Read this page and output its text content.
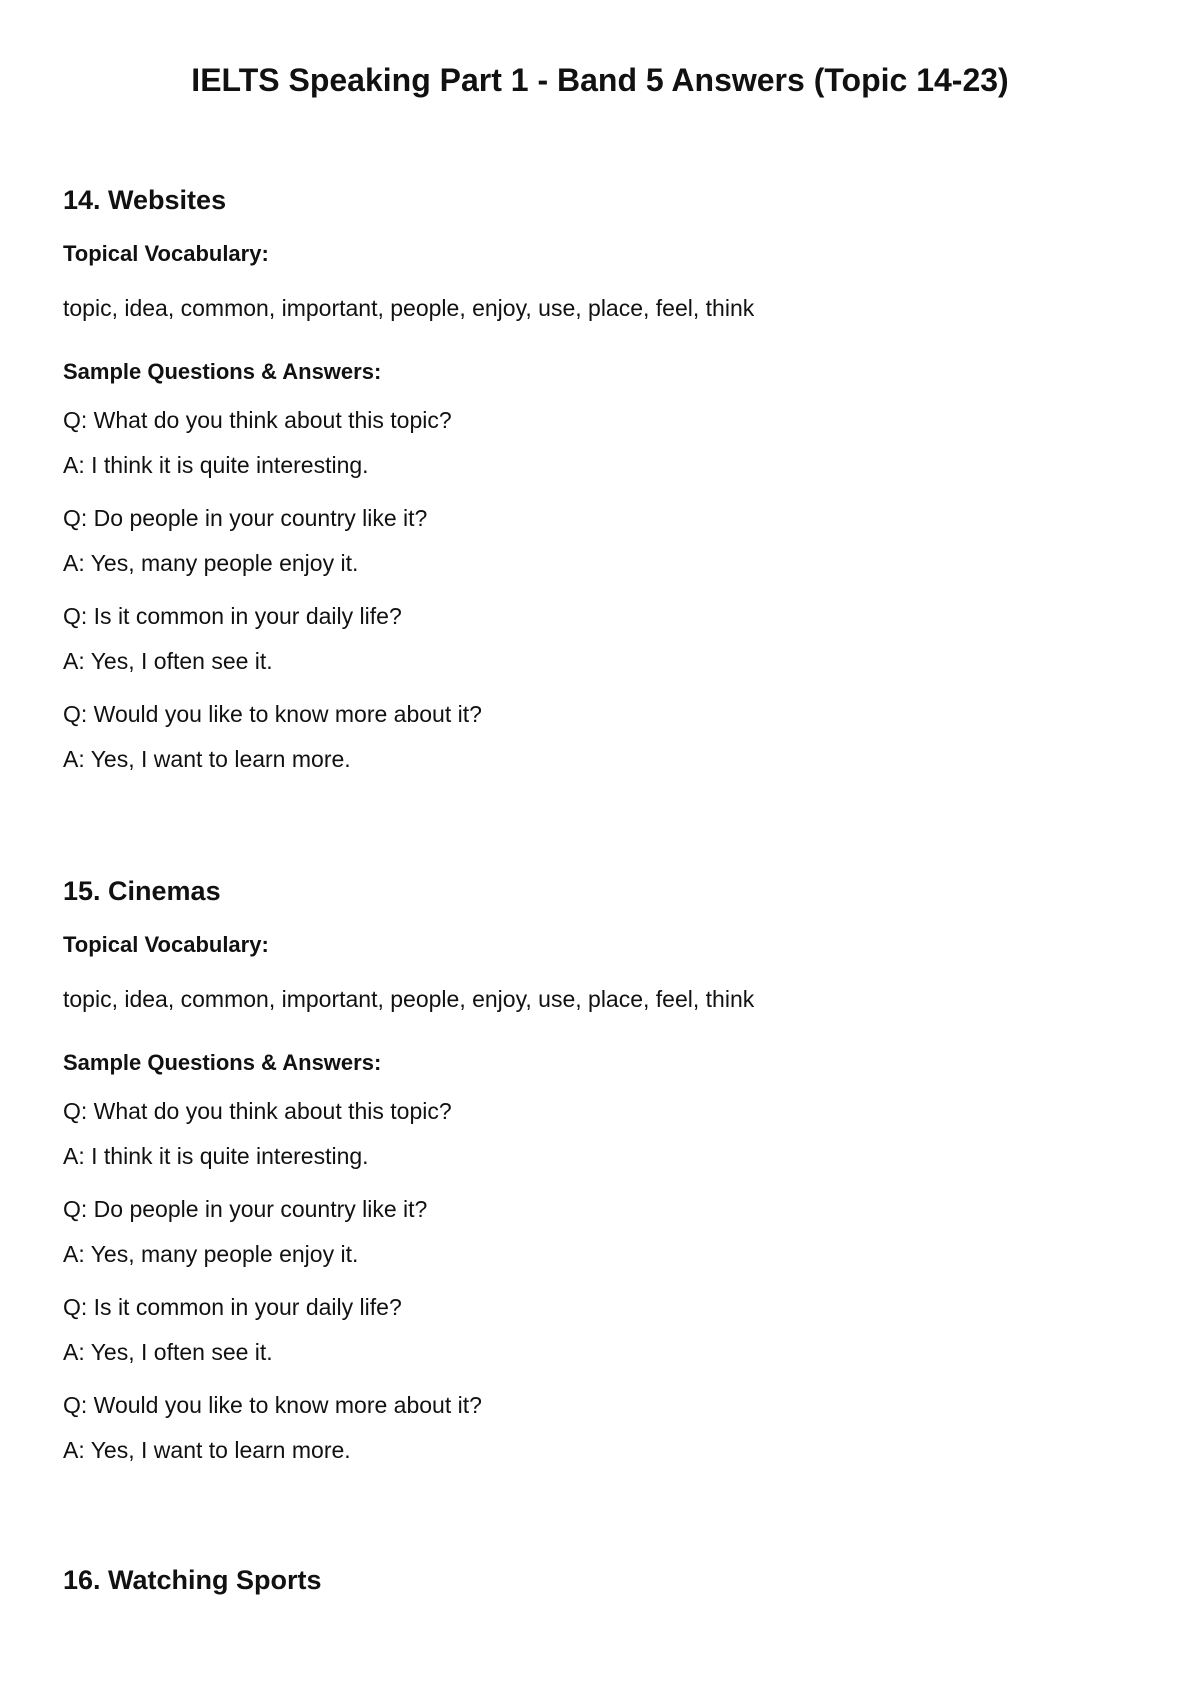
IELTS Speaking Part 1 - Band 5 Answers (Topic 14-23)
14. Websites

Topical Vocabulary:

topic, idea, common, important, people, enjoy, use, place, feel, think

Sample Questions & Answers:

Q: What do you think about this topic?

A: I think it is quite interesting.

Q: Do people in your country like it?

A: Yes, many people enjoy it.

Q: Is it common in your daily life?

A: Yes, I often see it.

Q: Would you like to know more about it?

A: Yes, I want to learn more.

15. Cinemas

Topical Vocabulary:

topic, idea, common, important, people, enjoy, use, place, feel, think

Sample Questions & Answers:

Q: What do you think about this topic?

A: I think it is quite interesting.

Q: Do people in your country like it?

A: Yes, many people enjoy it.

Q: Is it common in your daily life?

A: Yes, I often see it.

Q: Would you like to know more about it?

A: Yes, I want to learn more.

16. Watching Sports
